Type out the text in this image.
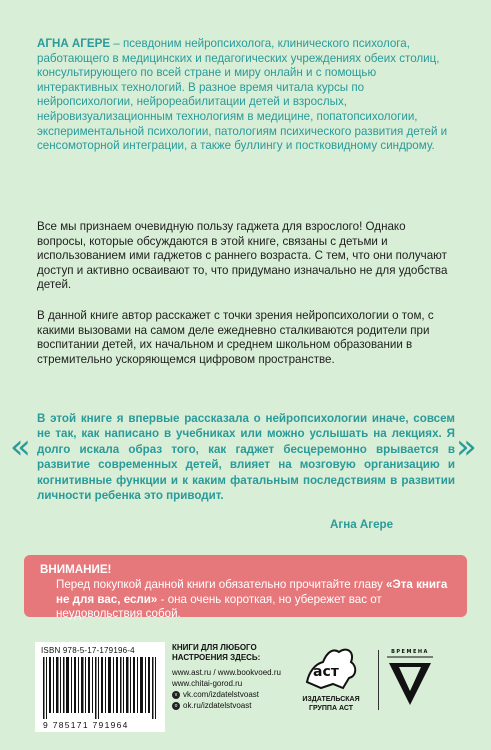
АГНА АГЕРЕ – псевдоним нейропсихолога, клинического психолога, работающего в медицинских и педагогических учреждениях обеих столиц, консультирующего по всей стране и миру онлайн и с помощью интерактивных технологий. В разное время читала курсы по нейропсихологии, нейрореабилитации детей и взрослых, нейровизуализационным технологиям в медицине, попатопсихологии, экспериментальной психологии, патологиям психического развития детей и сенсомоторной интеграции, а также буллингу и постковидному синдрому.
Все мы признаем очевидную пользу гаджета для взрослого! Однако вопросы, которые обсуждаются в этой книге, связаны с детьми и использованием ими гаджетов с раннего возраста. С тем, что они получают доступ и активно осваивают то, что придумано изначально не для удобства детей.
В данной книге автор расскажет с точки зрения нейропсихологии о том, с какими вызовами на самом деле ежедневно сталкиваются родители при воспитании детей, их начальном и среднем школьном образовании в стремительно ускоряющемся цифровом пространстве.
«
В этой книге я впервые рассказала о нейропсихологии иначе, совсем не так, как написано в учебниках или можно услышать на лекциях. Я долго искала образ того, как гаджет бесцеремонно врывается в развитие современных детей, влияет на мозговую организацию и когнитивные функции и к каким фатальным последствиям в развитии личности ребенка это приводит.
»
Агна Агере
ВНИМАНИЕ!
Перед покупкой данной книги обязательно прочитайте главу «Эта книга не для вас, если» - она очень короткая, но убережет вас от неудовольствия собой.
ISBN 978-5-17-179196-4
9 785171 791964
КНИГИ ДЛЯ ЛЮБОГО НАСТРОЕНИЯ ЗДЕСЬ:
www.ast.ru / www.bookvoed.ru
www.chitai-gorod.ru
v vk.com/izdatelstvoast
o ok.ru/izdatelstvoast
аст
ИЗДАТЕЛЬСКАЯ ГРУППА АСТ
ВРЕМЕНА
